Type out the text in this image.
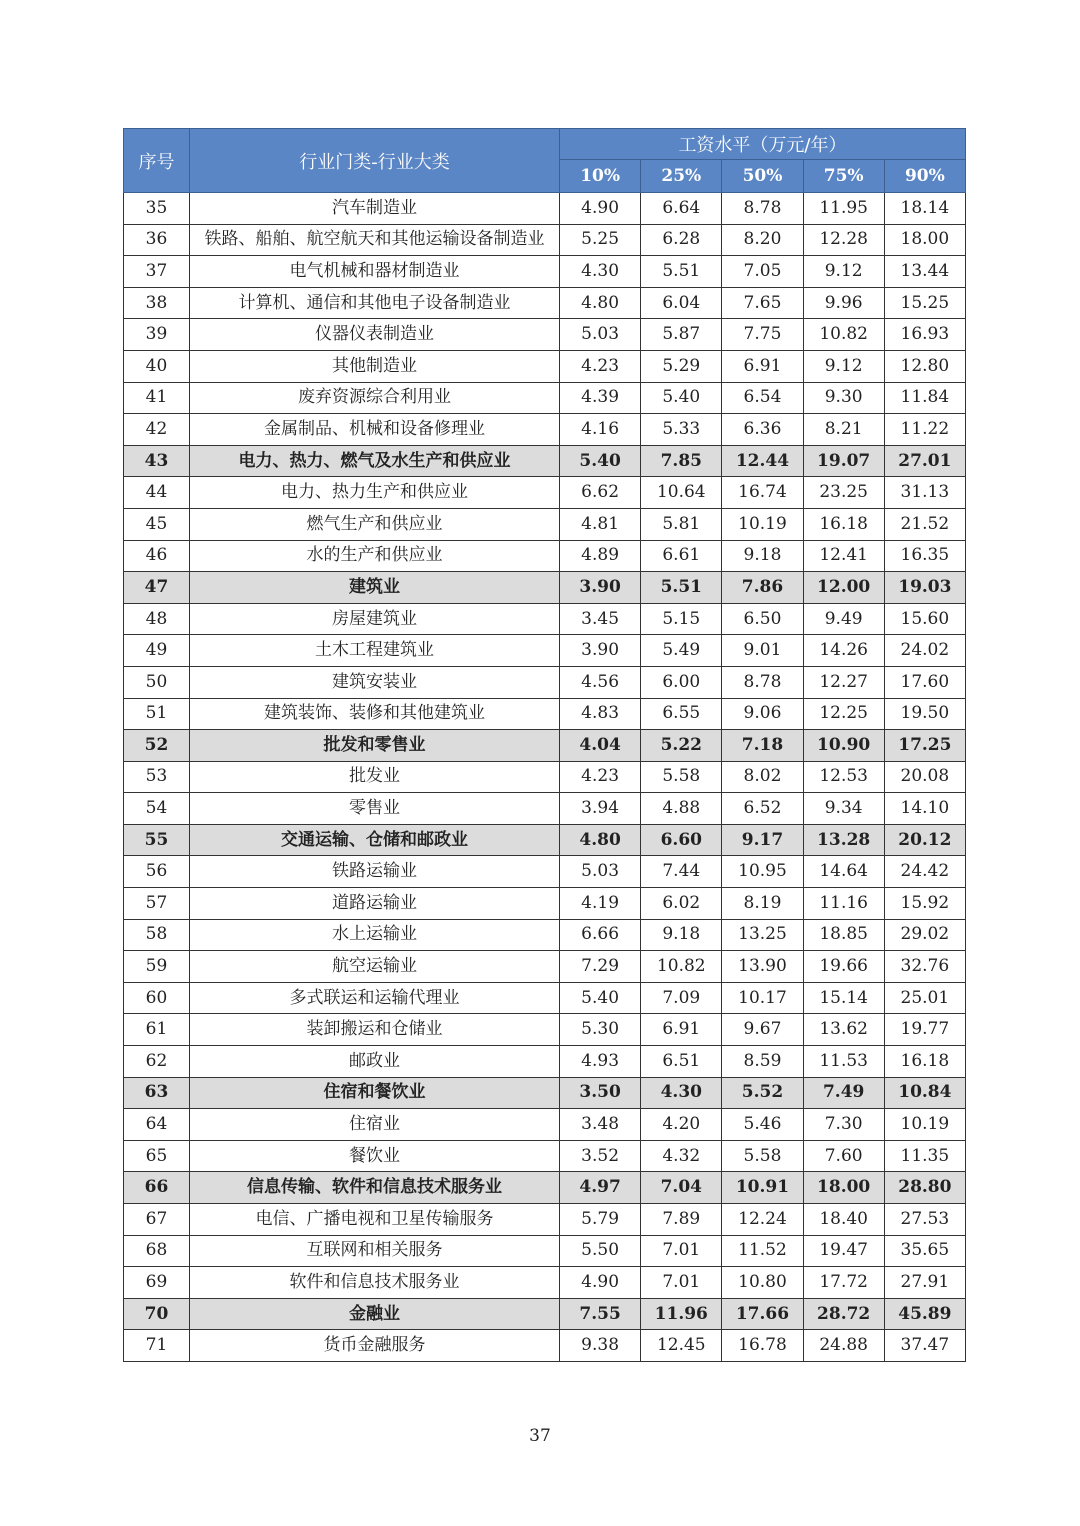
序号	行业门类-行业大类	工资水平（万元/年）				
		10%	25%	50%	75%	90%
35	汽车制造业	4.90	6.64	8.78	11.95	18.14
36	铁路、船舶、航空航天和其他运输设备制造业	5.25	6.28	8.20	12.28	18.00
37	电气机械和器材制造业	4.30	5.51	7.05	9.12	13.44
38	计算机、通信和其他电子设备制造业	4.80	6.04	7.65	9.96	15.25
39	仪器仪表制造业	5.03	5.87	7.75	10.82	16.93
40	其他制造业	4.23	5.29	6.91	9.12	12.80
41	废弃资源综合利用业	4.39	5.40	6.54	9.30	11.84
42	金属制品、机械和设备修理业	4.16	5.33	6.36	8.21	11.22
43	电力、热力、燃气及水生产和供应业	5.40	7.85	12.44	19.07	27.01
44	电力、热力生产和供应业	6.62	10.64	16.74	23.25	31.13
45	燃气生产和供应业	4.81	5.81	10.19	16.18	21.52
46	水的生产和供应业	4.89	6.61	9.18	12.41	16.35
47	建筑业	3.90	5.51	7.86	12.00	19.03
48	房屋建筑业	3.45	5.15	6.50	9.49	15.60
49	土木工程建筑业	3.90	5.49	9.01	14.26	24.02
50	建筑安装业	4.56	6.00	8.78	12.27	17.60
51	建筑装饰、装修和其他建筑业	4.83	6.55	9.06	12.25	19.50
52	批发和零售业	4.04	5.22	7.18	10.90	17.25
53	批发业	4.23	5.58	8.02	12.53	20.08
54	零售业	3.94	4.88	6.52	9.34	14.10
55	交通运输、仓储和邮政业	4.80	6.60	9.17	13.28	20.12
56	铁路运输业	5.03	7.44	10.95	14.64	24.42
57	道路运输业	4.19	6.02	8.19	11.16	15.92
58	水上运输业	6.66	9.18	13.25	18.85	29.02
59	航空运输业	7.29	10.82	13.90	19.66	32.76
60	多式联运和运输代理业	5.40	7.09	10.17	15.14	25.01
61	装卸搬运和仓储业	5.30	6.91	9.67	13.62	19.77
62	邮政业	4.93	6.51	8.59	11.53	16.18
63	住宿和餐饮业	3.50	4.30	5.52	7.49	10.84
64	住宿业	3.48	4.20	5.46	7.30	10.19
65	餐饮业	3.52	4.32	5.58	7.60	11.35
66	信息传输、软件和信息技术服务业	4.97	7.04	10.91	18.00	28.80
67	电信、广播电视和卫星传输服务	5.79	7.89	12.24	18.40	27.53
68	互联网和相关服务	5.50	7.01	11.52	19.47	35.65
69	软件和信息技术服务业	4.90	7.01	10.80	17.72	27.91
70	金融业	7.55	11.96	17.66	28.72	45.89
71	货币金融服务	9.38	12.45	16.78	24.88	37.47
37
